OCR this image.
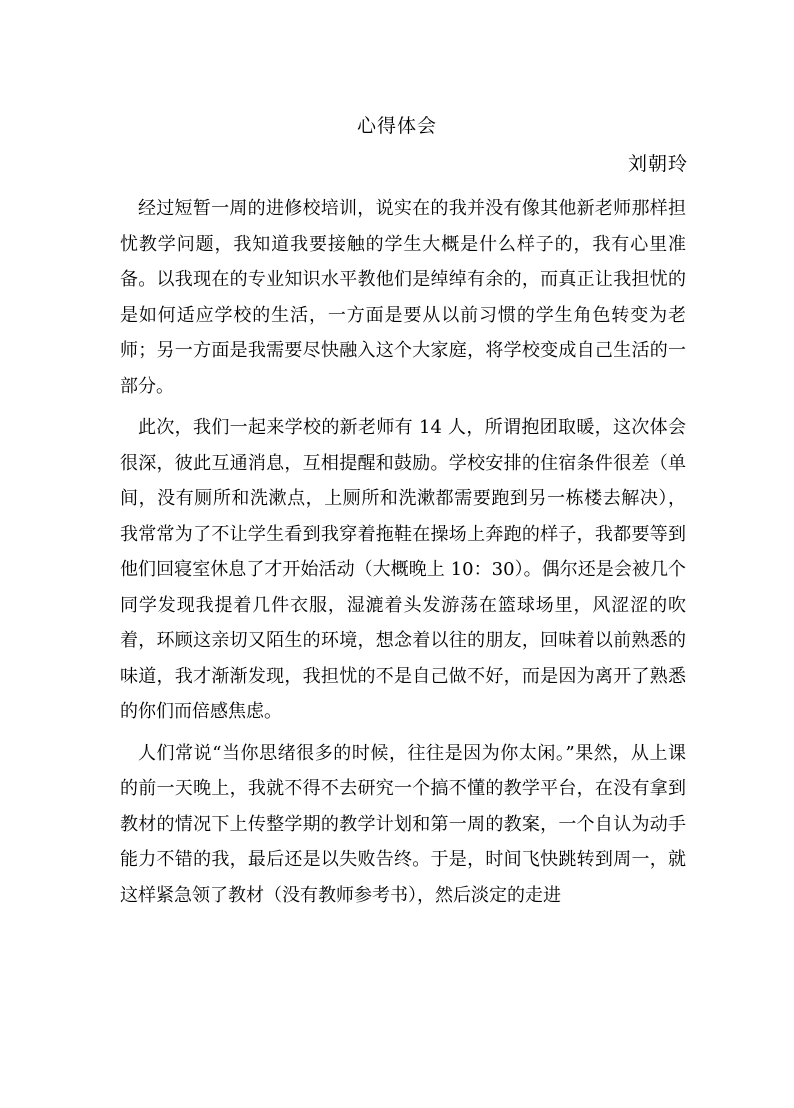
心得体会
刘朝玲

经过短暂一周的进修校培训，说实在的我并没有像其他新老师那样担忧教学问题，我知道我要接触的学生大概是什么样子的，我有心里准备。以我现在的专业知识水平教他们是绰绰有余的，而真正让我担忧的是如何适应学校的生活，一方面是要从以前习惯的学生角色转变为老师；另一方面是我需要尽快融入这个大家庭，将学校变成自己生活的一部分。

此次，我们一起来学校的新老师有 14 人，所谓抱团取暖，这次体会很深，彼此互通消息，互相提醒和鼓励。学校安排的住宿条件很差（单间，没有厕所和洗漱点，上厕所和洗漱都需要跑到另一栋楼去解决），我常常为了不让学生看到我穿着拖鞋在操场上奔跑的样子，我都要等到他们回寝室休息了才开始活动（大概晚上 10：30）。偶尔还是会被几个同学发现我提着几件衣服，湿漉着头发游荡在篮球场里，风涩涩的吹着，环顾这亲切又陌生的环境，想念着以往的朋友，回味着以前熟悉的味道，我才渐渐发现，我担忧的不是自己做不好，而是因为离开了熟悉的你们而倍感焦虑。

人们常说“当你思绪很多的时候，往往是因为你太闲。”果然，从上课的前一天晚上，我就不得不去研究一个搞不懂的教学平台，在没有拿到教材的情况下上传整学期的教学计划和第一周的教案，一个自认为动手能力不错的我，最后还是以失败告终。于是，时间飞快跳转到周一，就这样紧急领了教材（没有教师参考书），然后淡定的走进
